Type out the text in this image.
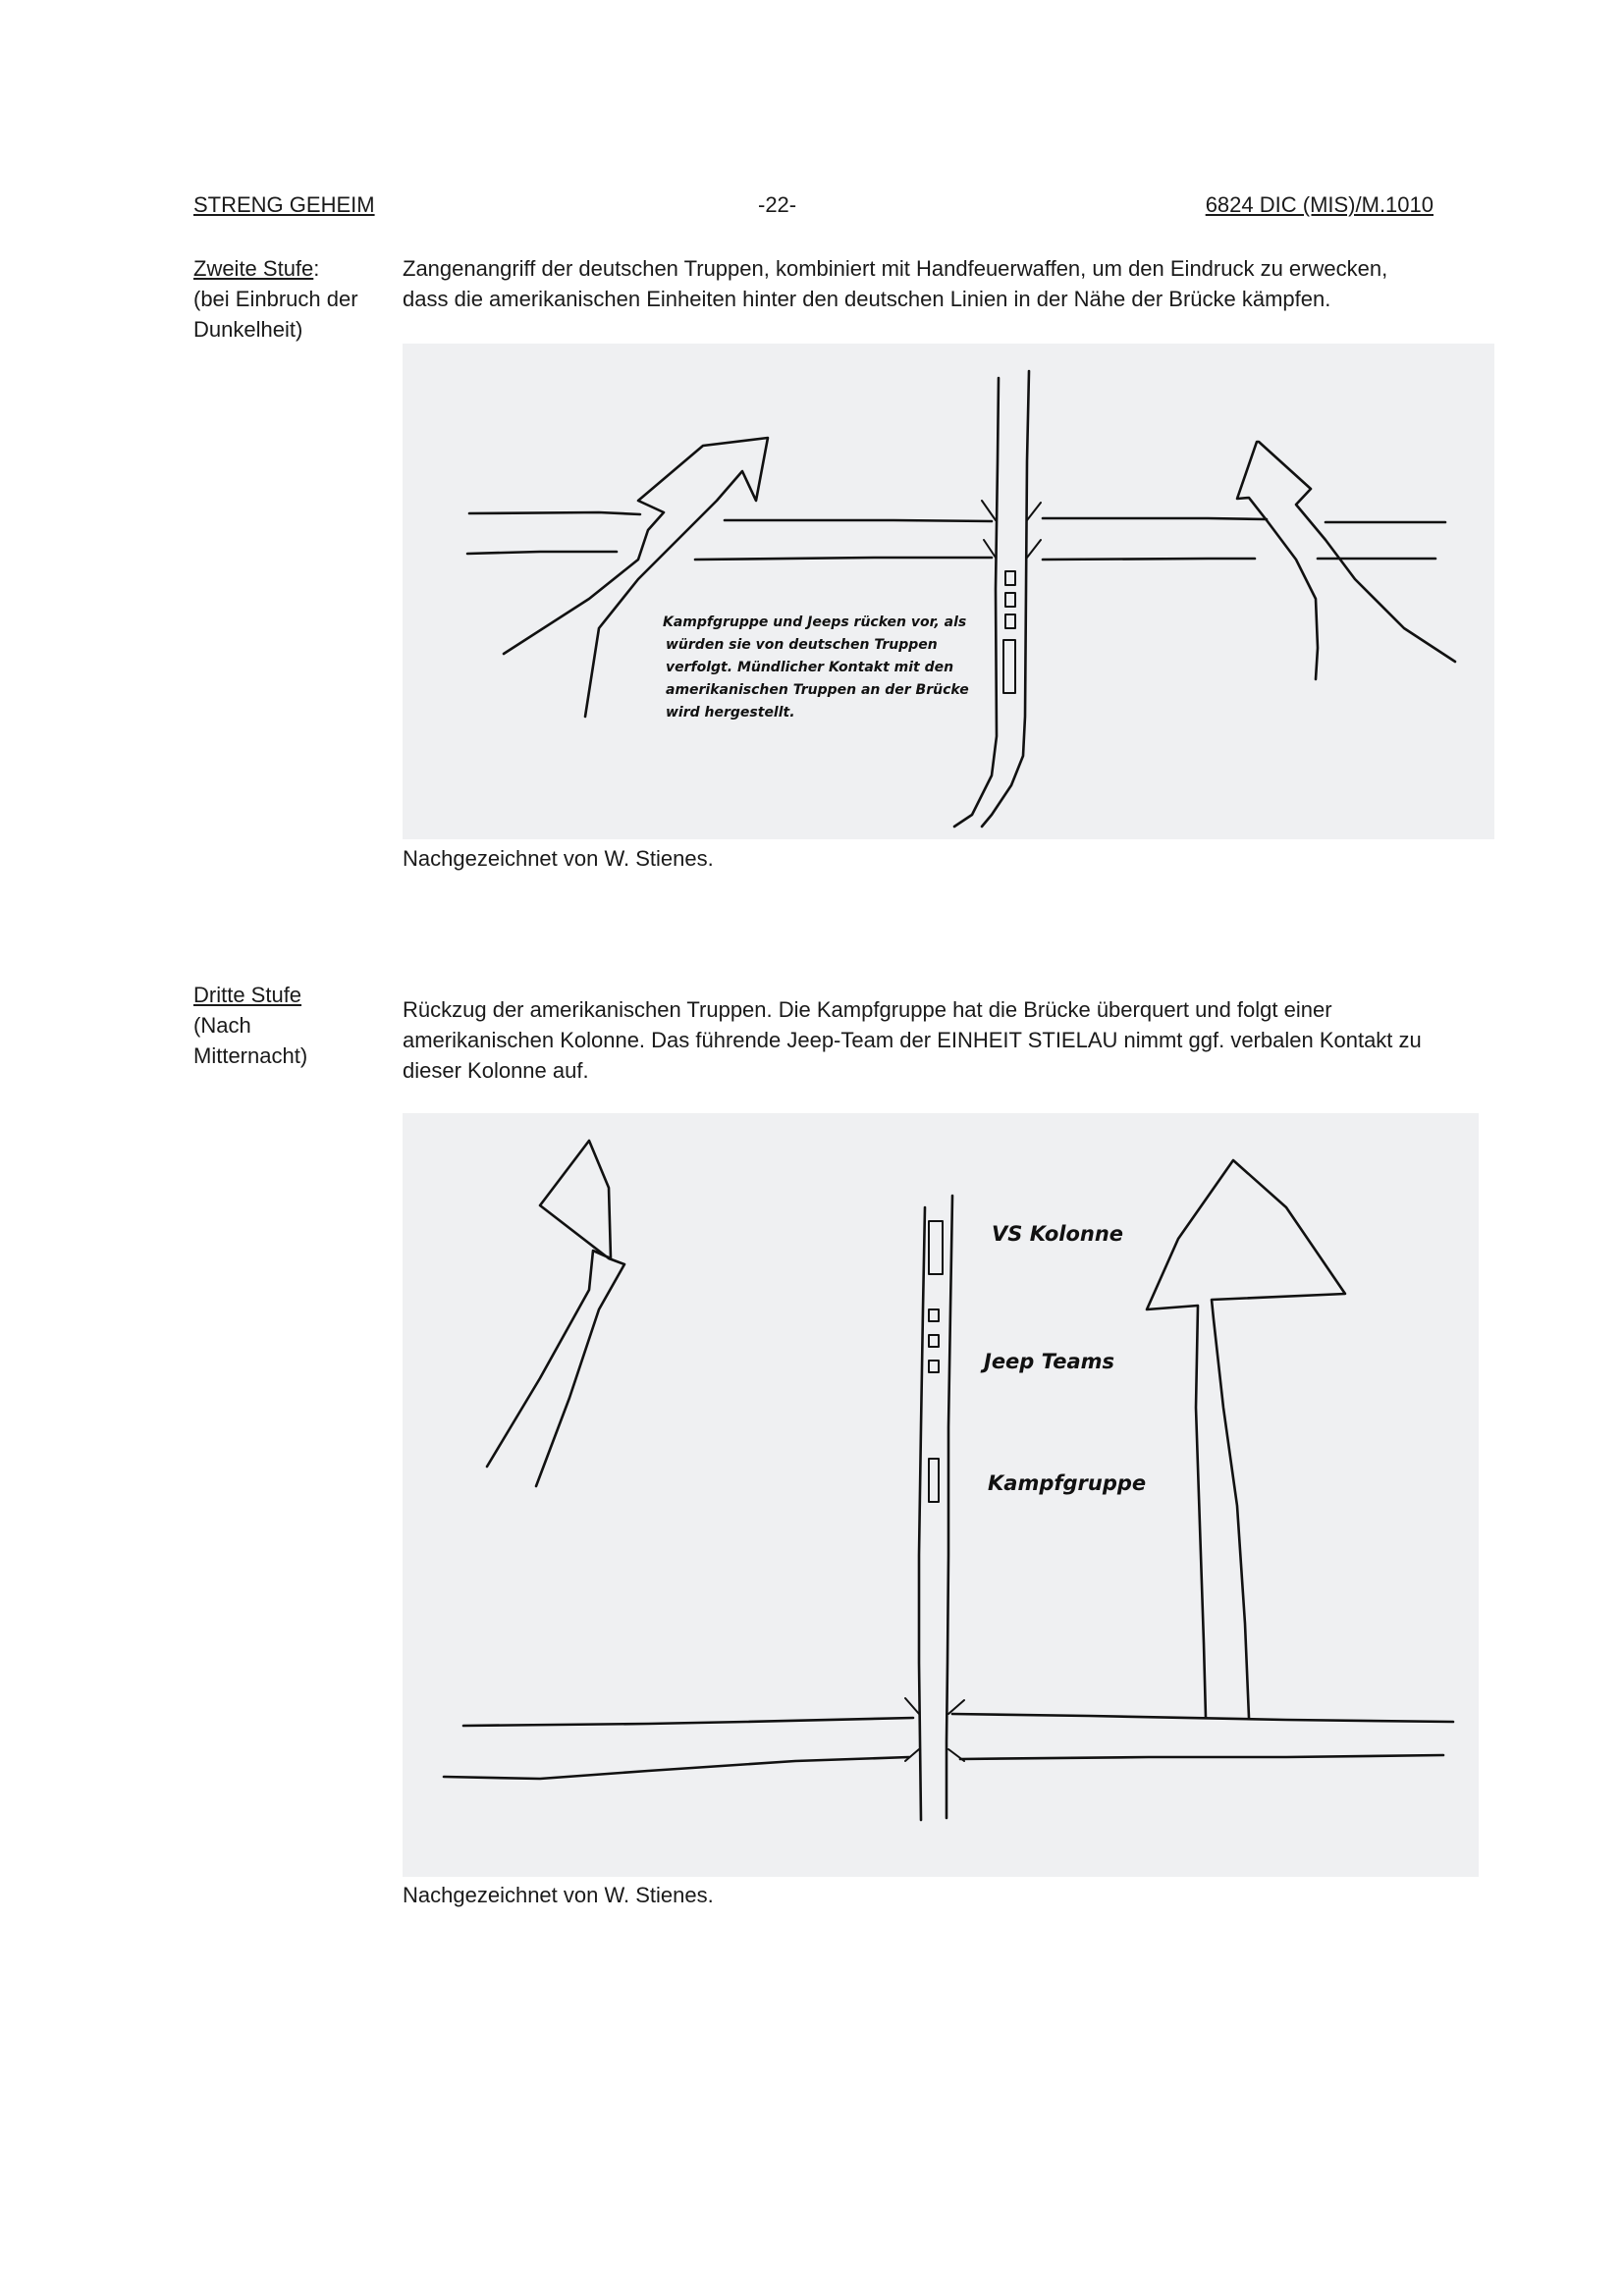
STRENG GEHEIM	-22-	6824 DIC (MIS)/M.1010
Zweite Stufe:
(bei Einbruch der
Dunkelheit)
Zangenangriff der deutschen Truppen, kombiniert mit Handfeuerwaffen, um den Eindruck zu erwecken,
dass die amerikanischen Einheiten hinter den deutschen Linien in der Nähe der Brücke kämpfen.
Kampfgruppe und Jeeps rücken vor, als
würden sie von deutschen Truppen
verfolgt. Mündlicher Kontakt mit den
amerikanischen Truppen an der Brücke
wird hergestellt.
Nachgezeichnet von W. Stienes.
Dritte Stufe
(Nach
Mitternacht)
Rückzug der amerikanischen Truppen. Die Kampfgruppe hat die Brücke überquert und folgt einer
amerikanischen Kolonne. Das führende Jeep-Team der EINHEIT STIELAU nimmt ggf. verbalen Kontakt zu
dieser Kolonne auf.
VS Kolonne
Jeep Teams
Kampfgruppe
Nachgezeichnet von W. Stienes.
